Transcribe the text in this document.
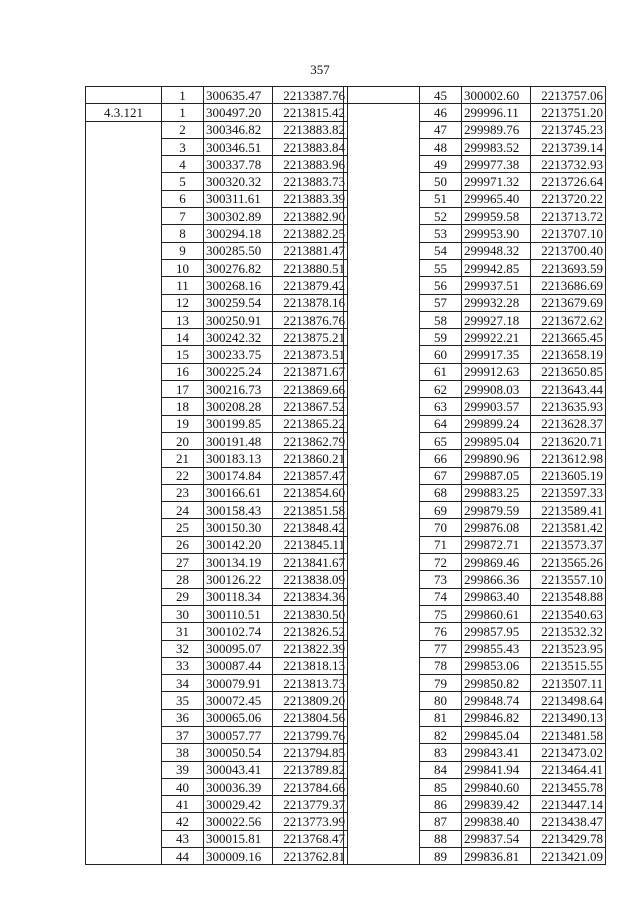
357
	1	300635.47	2213387.76
4.3.121	1	300497.20	2213815.42
	2	300346.82	2213883.82
	3	300346.51	2213883.84
	4	300337.78	2213883.96
	5	300320.32	2213883.73
	6	300311.61	2213883.39
	7	300302.89	2213882.90
	8	300294.18	2213882.25
	9	300285.50	2213881.47
	10	300276.82	2213880.51
	11	300268.16	2213879.42
	12	300259.54	2213878.16
	13	300250.91	2213876.76
	14	300242.32	2213875.21
	15	300233.75	2213873.51
	16	300225.24	2213871.67
	17	300216.73	2213869.66
	18	300208.28	2213867.52
	19	300199.85	2213865.22
	20	300191.48	2213862.79
	21	300183.13	2213860.21
	22	300174.84	2213857.47
	23	300166.61	2213854.60
	24	300158.43	2213851.58
	25	300150.30	2213848.42
	26	300142.20	2213845.11
	27	300134.19	2213841.67
	28	300126.22	2213838.09
	29	300118.34	2213834.36
	30	300110.51	2213830.50
	31	300102.74	2213826.52
	32	300095.07	2213822.39
	33	300087.44	2213818.13
	34	300079.91	2213813.73
	35	300072.45	2213809.20
	36	300065.06	2213804.56
	37	300057.77	2213799.76
	38	300050.54	2213794.85
	39	300043.41	2213789.82
	40	300036.39	2213784.66
	41	300029.42	2213779.37
	42	300022.56	2213773.99
	43	300015.81	2213768.47
	44	300009.16	2213762.81
	45	300002.60	2213757.06
	46	299996.11	2213751.20
	47	299989.76	2213745.23
	48	299983.52	2213739.14
	49	299977.38	2213732.93
	50	299971.32	2213726.64
	51	299965.40	2213720.22
	52	299959.58	2213713.72
	53	299953.90	2213707.10
	54	299948.32	2213700.40
	55	299942.85	2213693.59
	56	299937.51	2213686.69
	57	299932.28	2213679.69
	58	299927.18	2213672.62
	59	299922.21	2213665.45
	60	299917.35	2213658.19
	61	299912.63	2213650.85
	62	299908.03	2213643.44
	63	299903.57	2213635.93
	64	299899.24	2213628.37
	65	299895.04	2213620.71
	66	299890.96	2213612.98
	67	299887.05	2213605.19
	68	299883.25	2213597.33
	69	299879.59	2213589.41
	70	299876.08	2213581.42
	71	299872.71	2213573.37
	72	299869.46	2213565.26
	73	299866.36	2213557.10
	74	299863.40	2213548.88
	75	299860.61	2213540.63
	76	299857.95	2213532.32
	77	299855.43	2213523.95
	78	299853.06	2213515.55
	79	299850.82	2213507.11
	80	299848.74	2213498.64
	81	299846.82	2213490.13
	82	299845.04	2213481.58
	83	299843.41	2213473.02
	84	299841.94	2213464.41
	85	299840.60	2213455.78
	86	299839.42	2213447.14
	87	299838.40	2213438.47
	88	299837.54	2213429.78
	89	299836.81	2213421.09
